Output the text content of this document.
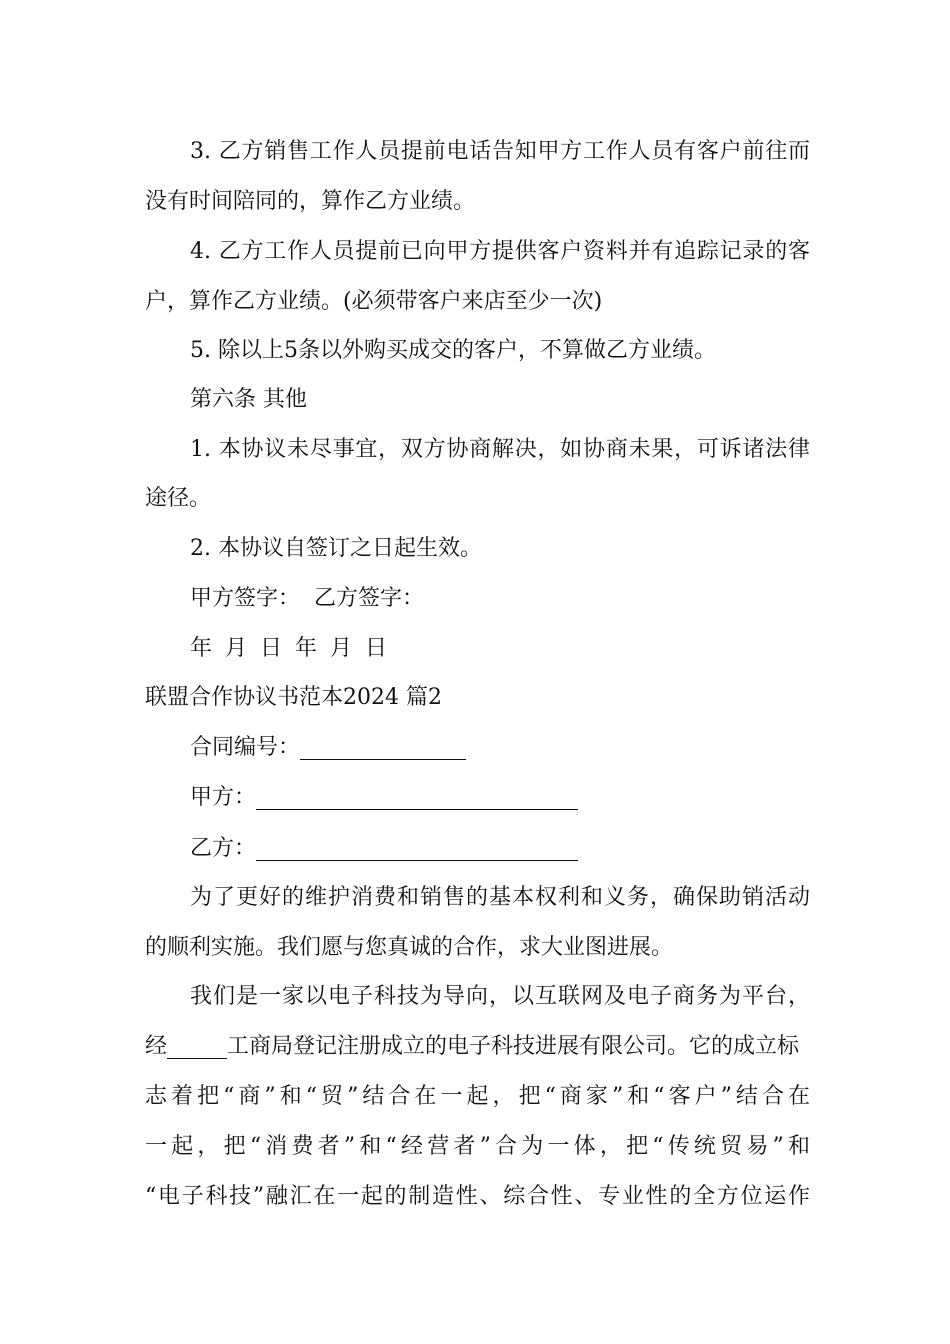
3. 乙方销售工作人员提前电话告知甲方工作人员有客户前往而
没有时间陪同的，算作乙方业绩。
4. 乙方工作人员提前已向甲方提供客户资料并有追踪记录的客
户，算作乙方业绩。(必须带客户来店至少一次)
5. 除以上5条以外购买成交的客户，不算做乙方业绩。
第六条 其他
1. 本协议未尽事宜，双方协商解决，如协商未果，可诉诸法律
途径。
2. 本协议自签订之日起生效。
甲方签字：  乙方签字：
年 月 日 年 月 日
联盟合作协议书范本2024 篇2
合同编号：
甲方：
乙方：
为了更好的维护消费和销售的基本权利和义务，确保助销活动
的顺利实施。我们愿与您真诚的合作，求大业图进展。
我们是一家以电子科技为导向，以互联网及电子商务为平台，
经	工商局登记注册成立的电子科技进展有限公司。它的成立标
志着把“商”和“贸”结合在一起，把“商家”和“客户”结合在
一起，把“消费者”和“经营者”合为一体，把“传统贸易”和
“电子科技”融汇在一起的制造性、综合性、专业性的全方位运作
